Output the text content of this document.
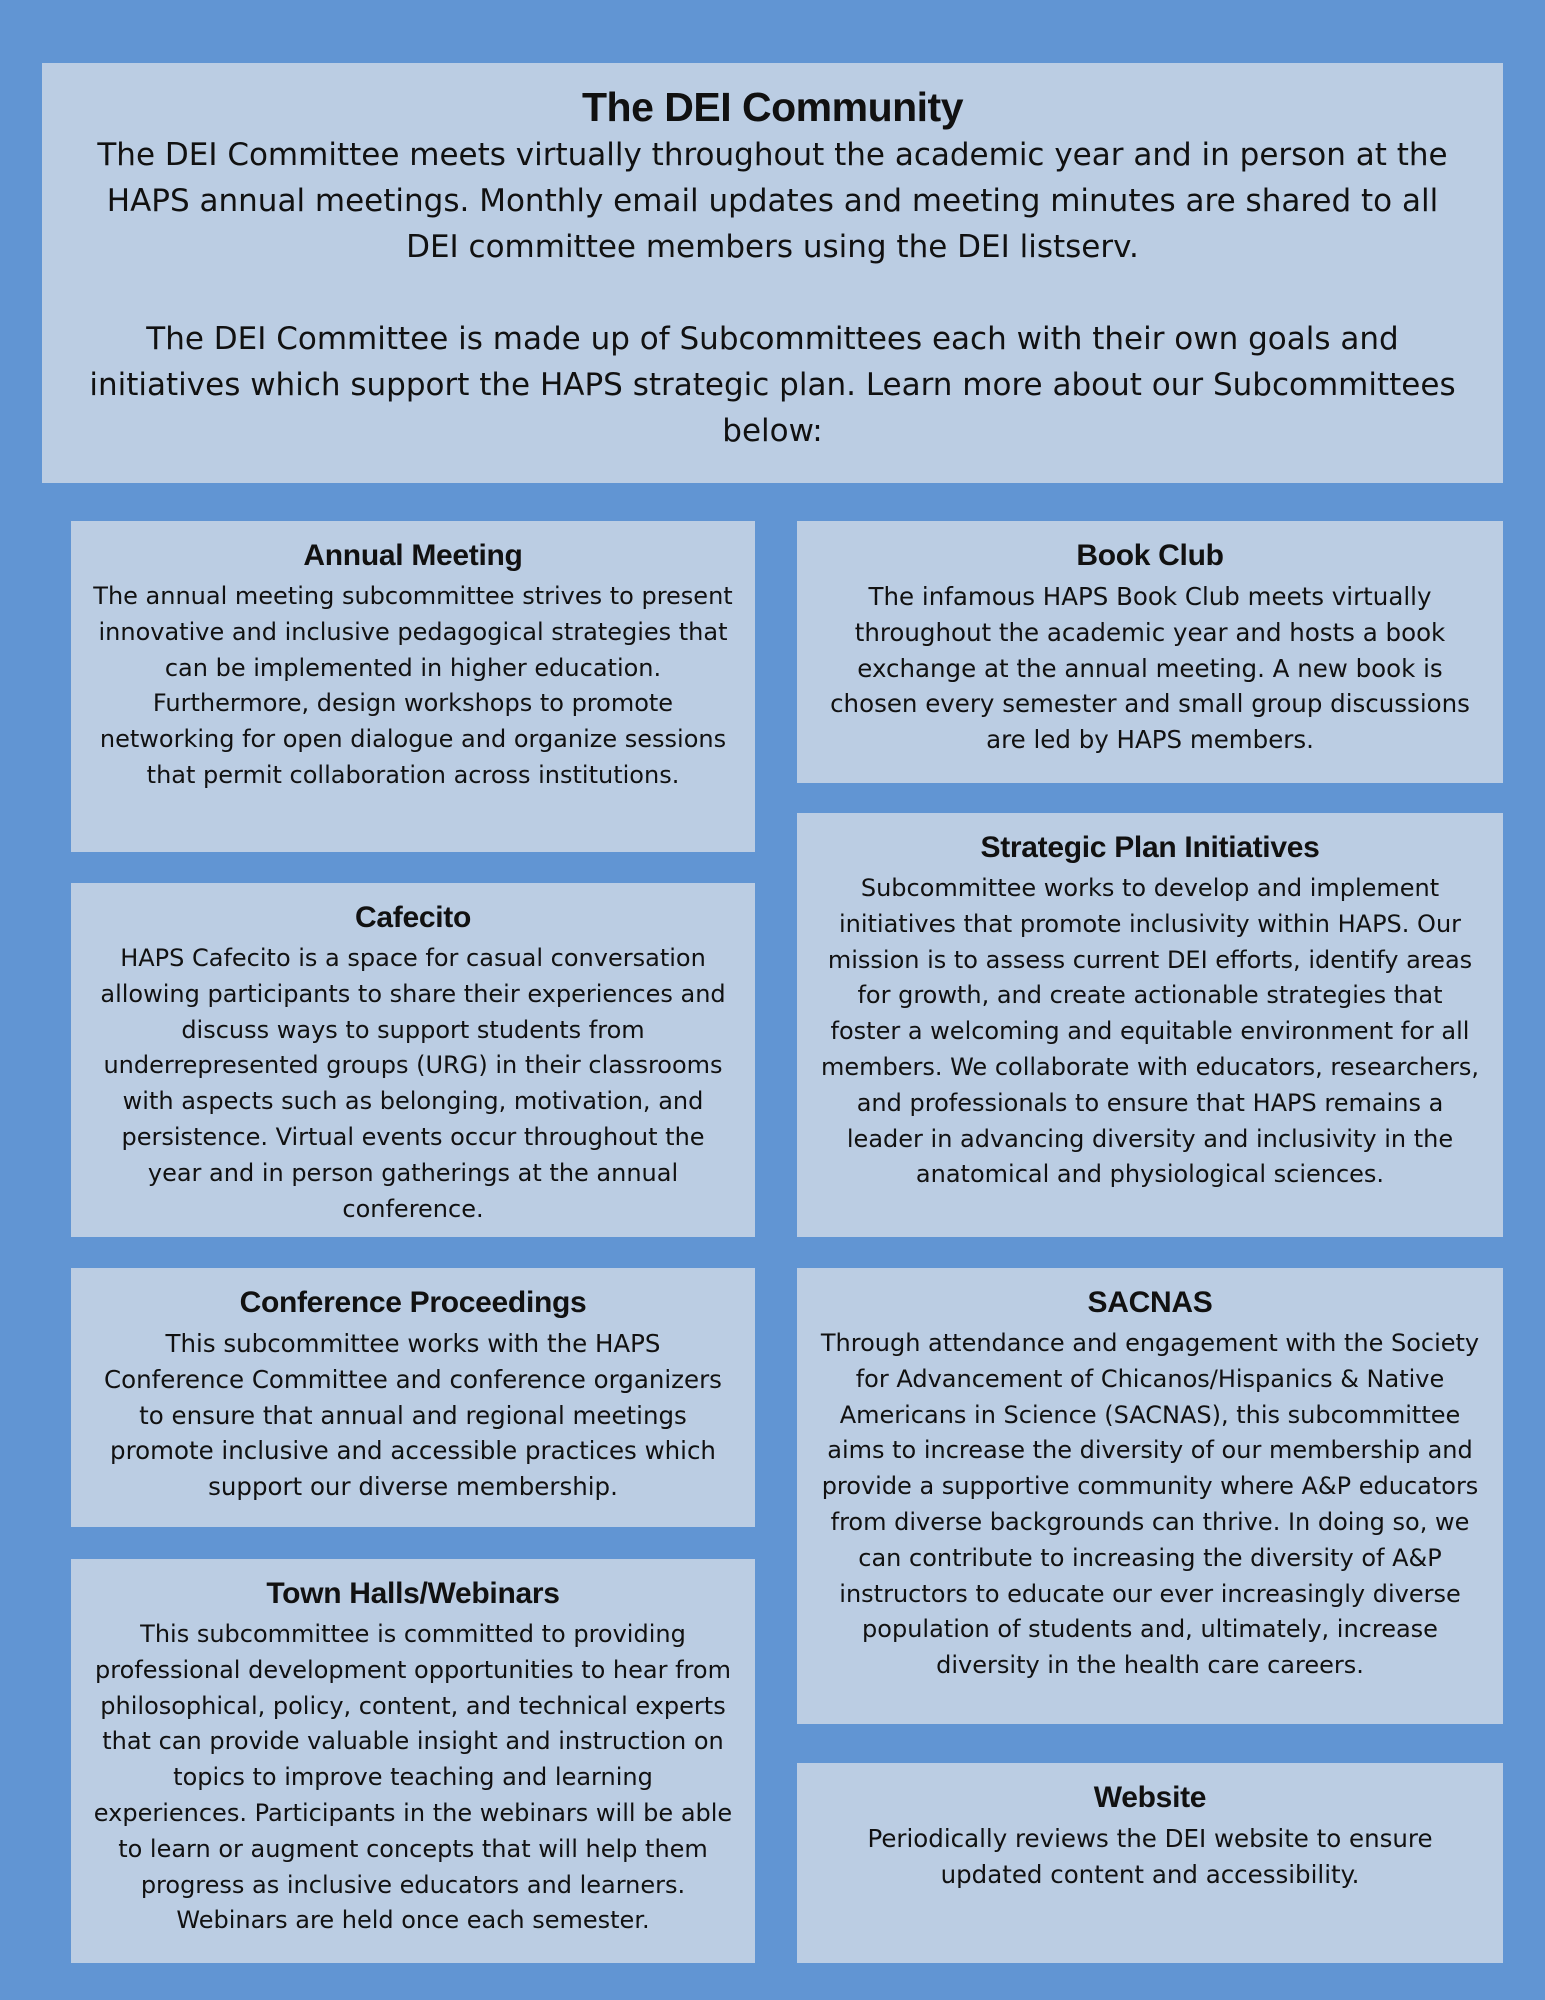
The DEI Community

The DEI Committee meets virtually throughout the academic year and in person at the HAPS annual meetings. Monthly email updates and meeting minutes are shared to all DEI committee members using the DEI listserv.

The DEI Committee is made up of Subcommittees each with their own goals and initiatives which support the HAPS strategic plan. Learn more about our Subcommittees below:

Annual Meeting

The annual meeting subcommittee strives to present innovative and inclusive pedagogical strategies that can be implemented in higher education. Furthermore, design workshops to promote networking for open dialogue and organize sessions that permit collaboration across institutions.

Book Club

The infamous HAPS Book Club meets virtually throughout the academic year and hosts a book exchange at the annual meeting. A new book is chosen every semester and small group discussions are led by HAPS members.

Cafecito

HAPS Cafecito is a space for casual conversation allowing participants to share their experiences and discuss ways to support students from underrepresented groups (URG) in their classrooms with aspects such as belonging, motivation, and persistence. Virtual events occur throughout the year and in person gatherings at the annual conference.

Strategic Plan Initiatives

Subcommittee works to develop and implement initiatives that promote inclusivity within HAPS. Our mission is to assess current DEI efforts, identify areas for growth, and create actionable strategies that foster a welcoming and equitable environment for all members. We collaborate with educators, researchers, and professionals to ensure that HAPS remains a leader in advancing diversity and inclusivity in the anatomical and physiological sciences.

Conference Proceedings

This subcommittee works with the HAPS Conference Committee and conference organizers to ensure that annual and regional meetings promote inclusive and accessible practices which support our diverse membership.

SACNAS

Through attendance and engagement with the Society for Advancement of Chicanos/Hispanics & Native Americans in Science (SACNAS), this subcommittee aims to increase the diversity of our membership and provide a supportive community where A&P educators from diverse backgrounds can thrive. In doing so, we can contribute to increasing the diversity of A&P instructors to educate our ever increasingly diverse population of students and, ultimately, increase diversity in the health care careers.

Town Halls/Webinars

This subcommittee is committed to providing professional development opportunities to hear from philosophical, policy, content, and technical experts that can provide valuable insight and instruction on topics to improve teaching and learning experiences. Participants in the webinars will be able to learn or augment concepts that will help them progress as inclusive educators and learners. Webinars are held once each semester.

Website

Periodically reviews the DEI website to ensure updated content and accessibility.
